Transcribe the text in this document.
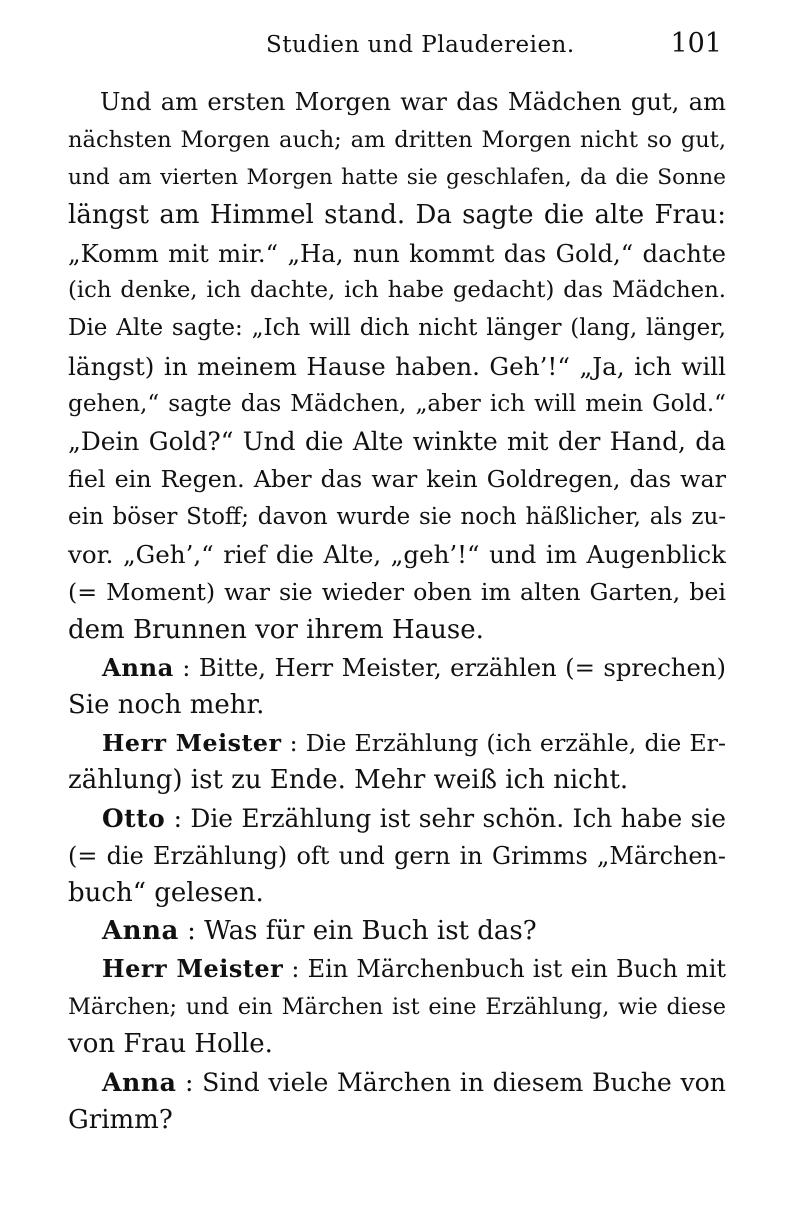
Studien und Plaudereien.	101
Und am ersten Morgen war das Mädchen gut, am
nächsten Morgen auch; am dritten Morgen nicht so gut,
und am vierten Morgen hatte sie geschlafen, da die Sonne
längst am Himmel stand. Da sagte die alte Frau:
„Komm mit mir.“ „Ha, nun kommt das Gold,“ dachte
(ich denke, ich dachte, ich habe gedacht) das Mädchen.
Die Alte sagte: „Ich will dich nicht länger (lang, länger,
längst) in meinem Hause haben. Geh’!“ „Ja, ich will
gehen,“ sagte das Mädchen, „aber ich will mein Gold.“
„Dein Gold?“ Und die Alte winkte mit der Hand, da
fiel ein Regen. Aber das war kein Goldregen, das war
ein böser Stoff; davon wurde sie noch häßlicher, als zu-
vor. „Geh’,“ rief die Alte, „geh’!“ und im Augenblick
(= Moment) war sie wieder oben im alten Garten, bei
dem Brunnen vor ihrem Hause.
Anna : Bitte, Herr Meister, erzählen (= sprechen)
Sie noch mehr.
Herr Meister : Die Erzählung (ich erzähle, die Er-
zählung) ist zu Ende. Mehr weiß ich nicht.
Otto : Die Erzählung ist sehr schön. Ich habe sie
(= die Erzählung) oft und gern in Grimms „Märchen-
buch“ gelesen.
Anna : Was für ein Buch ist das?
Herr Meister : Ein Märchenbuch ist ein Buch mit
Märchen; und ein Märchen ist eine Erzählung, wie diese
von Frau Holle.
Anna : Sind viele Märchen in diesem Buche von
Grimm?
